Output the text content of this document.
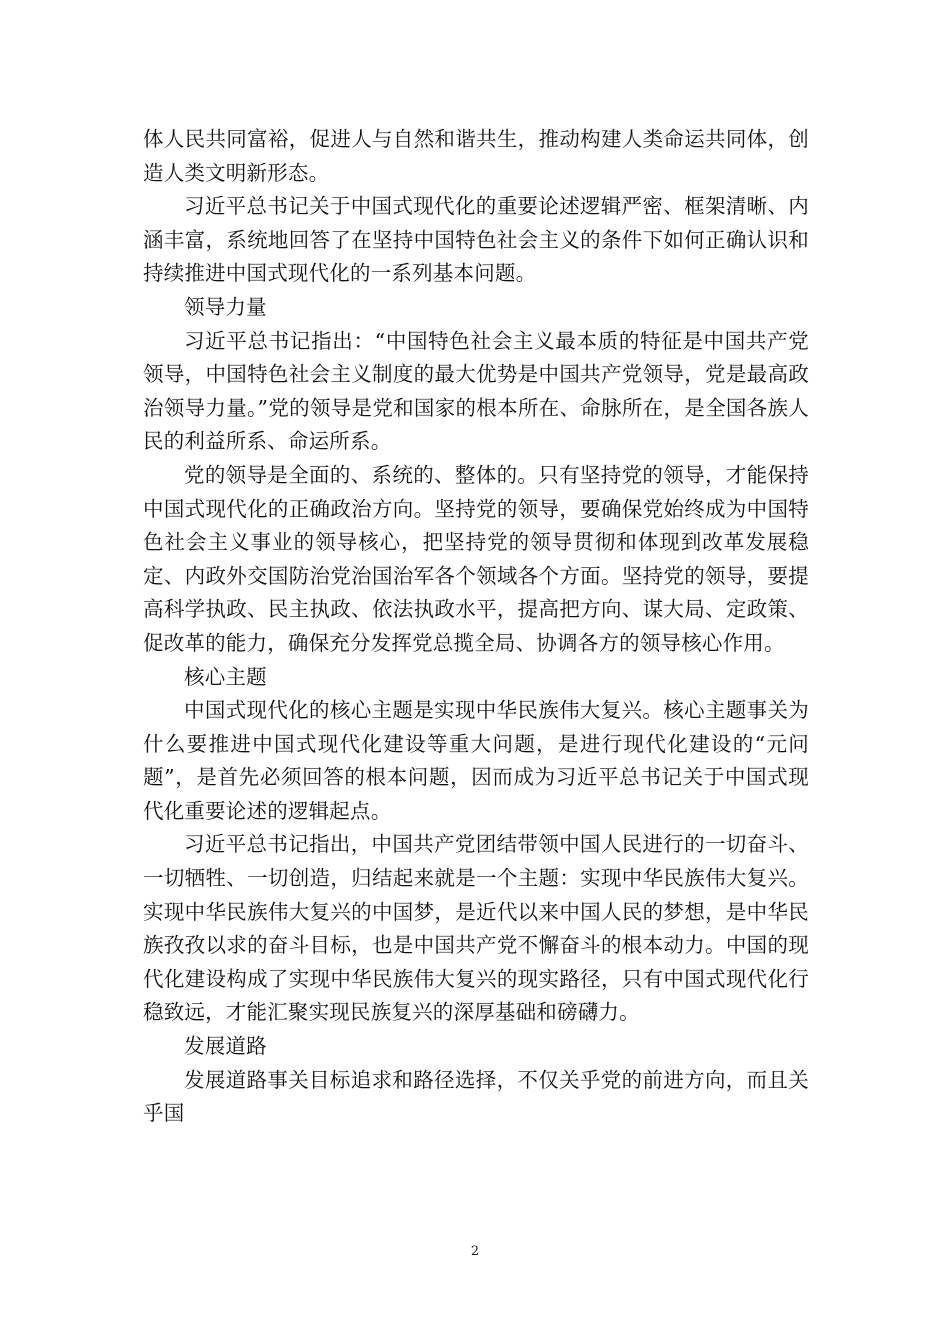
体人民共同富裕，促进人与自然和谐共生，推动构建人类命运共同体，创造人类文明新形态。

习近平总书记关于中国式现代化的重要论述逻辑严密、框架清晰、内涵丰富，系统地回答了在坚持中国特色社会主义的条件下如何正确认识和持续推进中国式现代化的一系列基本问题。

领导力量

习近平总书记指出：“中国特色社会主义最本质的特征是中国共产党领导，中国特色社会主义制度的最大优势是中国共产党领导，党是最高政治领导力量。”党的领导是党和国家的根本所在、命脉所在，是全国各族人民的利益所系、命运所系。

党的领导是全面的、系统的、整体的。只有坚持党的领导，才能保持中国式现代化的正确政治方向。坚持党的领导，要确保党始终成为中国特色社会主义事业的领导核心，把坚持党的领导贯彻和体现到改革发展稳定、内政外交国防治党治国治军各个领域各个方面。坚持党的领导，要提高科学执政、民主执政、依法执政水平，提高把方向、谋大局、定政策、促改革的能力，确保充分发挥党总揽全局、协调各方的领导核心作用。

核心主题

中国式现代化的核心主题是实现中华民族伟大复兴。核心主题事关为什么要推进中国式现代化建设等重大问题，是进行现代化建设的“元问题”，是首先必须回答的根本问题，因而成为习近平总书记关于中国式现代化重要论述的逻辑起点。

习近平总书记指出，中国共产党团结带领中国人民进行的一切奋斗、一切牺牲、一切创造，归结起来就是一个主题：实现中华民族伟大复兴。实现中华民族伟大复兴的中国梦，是近代以来中国人民的梦想，是中华民族孜孜以求的奋斗目标，也是中国共产党不懈奋斗的根本动力。中国的现代化建设构成了实现中华民族伟大复兴的现实路径，只有中国式现代化行稳致远，才能汇聚实现民族复兴的深厚基础和磅礴力。

发展道路

发展道路事关目标追求和路径选择，不仅关乎党的前进方向，而且关乎国

2
